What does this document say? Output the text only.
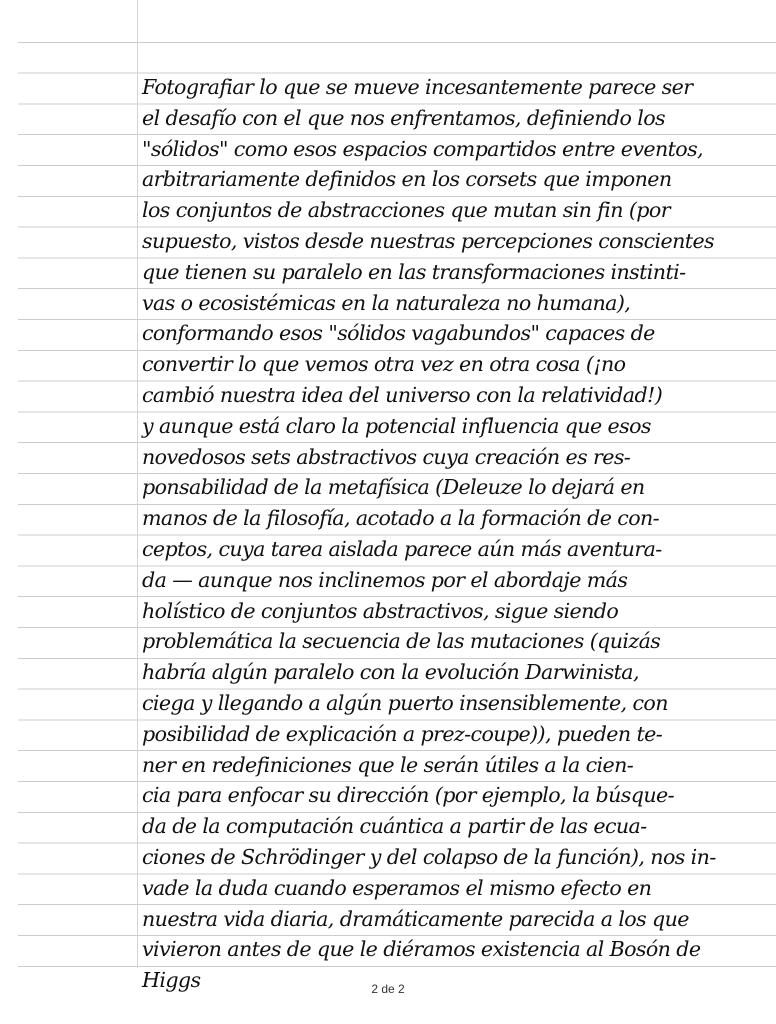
Fotografiar lo que se mueve incesantemente parece ser
el desafío con el que nos enfrentamos, definiendo los
"sólidos" como esos espacios compartidos entre eventos,
arbitrariamente definidos en los corsets que imponen
los conjuntos de abstracciones que mutan sin fin (por
supuesto, vistos desde nuestras percepciones conscientes
que tienen su paralelo en las transformaciones instinti-
vas o ecosistémicas en la naturaleza no humana),
conformando esos "sólidos vagabundos" capaces de
convertir lo que vemos otra vez en otra cosa (¡no
cambió nuestra idea del universo con la relatividad!)
y aunque está claro la potencial influencia que esos
novedosos sets abstractivos cuya creación es res-
ponsabilidad de la metafísica (Deleuze lo dejará en
manos de la filosofía, acotado a la formación de con-
ceptos, cuya tarea aislada parece aún más aventura-
da — aunque nos inclinemos por el abordaje más
holístico de conjuntos abstractivos, sigue siendo
problemática la secuencia de las mutaciones (quizás
habría algún paralelo con la evolución Darwinista,
ciega y llegando a algún puerto insensiblemente, con
posibilidad de explicación a prez-coupe)), pueden te-
ner en redefiniciones que le serán útiles a la cien-
cia para enfocar su dirección (por ejemplo, la búsque-
da de la computación cuántica a partir de las ecua-
ciones de Schrödinger y del colapso de la función), nos in-
vade la duda cuando esperamos el mismo efecto en
nuestra vida diaria, dramáticamente parecida a los que
vivieron antes de que le diéramos existencia al Bosón de
Higgs	2 de 2
